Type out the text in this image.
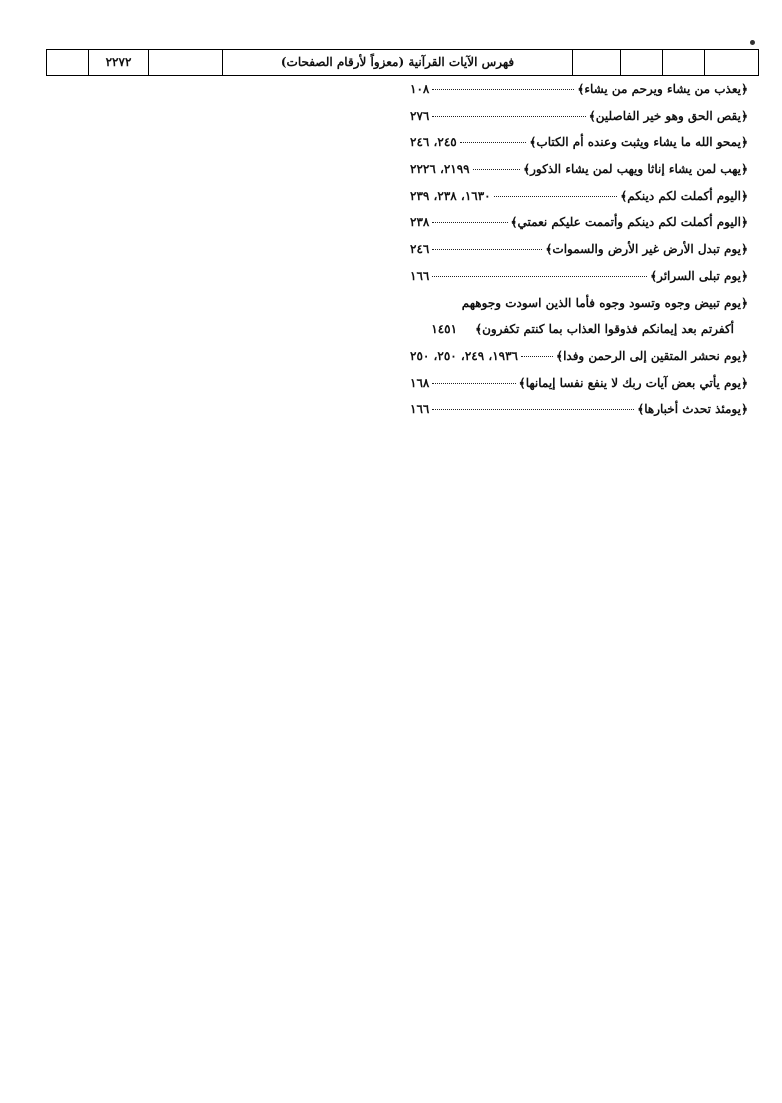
	٢٢٧٢		فهرس الآيات القرآنية (معزواً لأرقام الصفحات)				
﴿يعذب من يشاء ويرحم من يشاء﴾
١٠٨
﴿يقص الحق وهو خير الفاصلين﴾
٢٧٦
﴿يمحو الله ما يشاء ويثبت وعنده أم الكتاب﴾
٢٤٥، ٢٤٦
﴿يهب لمن يشاء إناثا ويهب لمن يشاء الذكور﴾
٢١٩٩، ٢٢٢٦
﴿اليوم أكملت لكم دينكم﴾
١٦٣٠، ٢٣٨، ٢٣٩
﴿اليوم أكملت لكم دينكم وأتممت عليكم نعمتي﴾
٢٣٨
﴿يوم تبدل الأرض غير الأرض والسموات﴾
٢٤٦
﴿يوم تبلى السرائر﴾
١٦٦
﴿يوم تبيض وجوه وتسود وجوه فأما الذين اسودت وجوههم
أكفرتم بعد إيمانكم فذوقوا العذاب بما كنتم تكفرون﴾
١٤٥١
﴿يوم نحشر المتقين إلى الرحمن وفدا﴾
١٩٣٦، ٢٤٩، ٢٥٠، ٢٥٠
﴿يوم يأتي بعض آيات ربك لا ينفع نفسا إيمانها﴾
١٦٨
﴿يومئذ تحدث أخبارها﴾
١٦٦
